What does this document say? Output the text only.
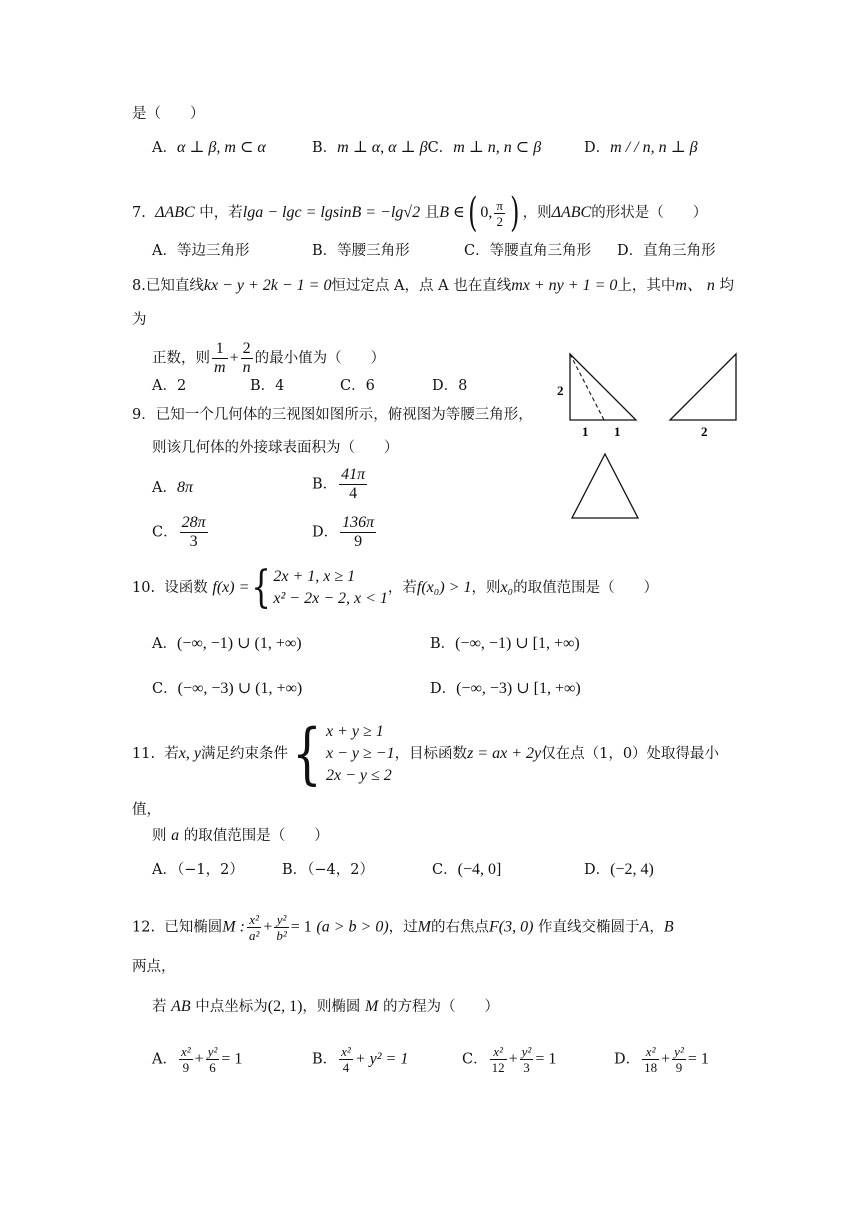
是（　　）
A．α ⊥ β, m ⊂ α	B．m ⊥ α, α ⊥ βC．m ⊥ n, n ⊂ β	D．m / / n, n ⊥ β
7. ΔABC 中，若lga − lgc = lgsinB = −lg√2 且B ∈( 0, $\frac{\pi}{2}$ ) ，则ΔABC的形状是（　　）
A．等边三角形	B．等腰三角形	C．等腰直角三角形 D．直角三角形
8.已知直线kx − y + 2k − 1 = 0恒过定点 A，点 A 也在直线mx + ny + 1 = 0上，其中m、 n 均
为
正数，则 $\frac{1}{m} + \frac{2}{n}$ 的最小值为（　　）
A．2	B．4	C．6	D．8
9．已知一个几何体的三视图如图所示，俯视图为等腰三角形，
则该几何体的外接球表面积为（　　）
A．8π	B． $\frac{41\pi}{4}$
C． $\frac{28\pi}{3}$	D． $\frac{136\pi}{9}$
2
1 1	2
10. 设函数 f(x) ={ 2x + 1, x ≥ 1
x² − 2x − 2, x < 1
，若f(x₀) > 1，则x₀的取值范围是（　　）
A．(−∞, −1) ∪ (1, +∞)	B．(−∞, −1) ∪ [1, +∞)
C．(−∞, −3) ∪ (1, +∞)	D．(−∞, −3) ∪ [1, +∞)
11. 若x, y满足约束条件{ x + y ≥ 1
x − y ≥ −1
2x − y ≤ 2
，目标函数z = ax + 2y仅在点（1，0）处取得最小
值，
则 a 的取值范围是（　　）
A．（−1，2）	B．（−4，2）	C．(−4, 0]	D．(−2, 4)
12. 已知椭圆M : $\frac{\text{x²}}{\text{a²}} + \frac{\text{y²}}{\text{b²}} = 1$ (a > b > 0)，过M的右焦点F(3, 0) 作直线交椭圆于A，B
两点，
若 AB 中点坐标为(2, 1)，则椭圆 M 的方程为（　　）
A． $\frac{\text{x²}}{9} + \frac{\text{y²}}{6} = 1$	B． $\frac{\text{x²}}{4} + y^2 = 1$	C． $\frac{\text{x²}}{12} + \frac{\text{y²}}{3} = 1$	D． $\frac{\text{x²}}{18} + \frac{\text{y²}}{9} = 1$
